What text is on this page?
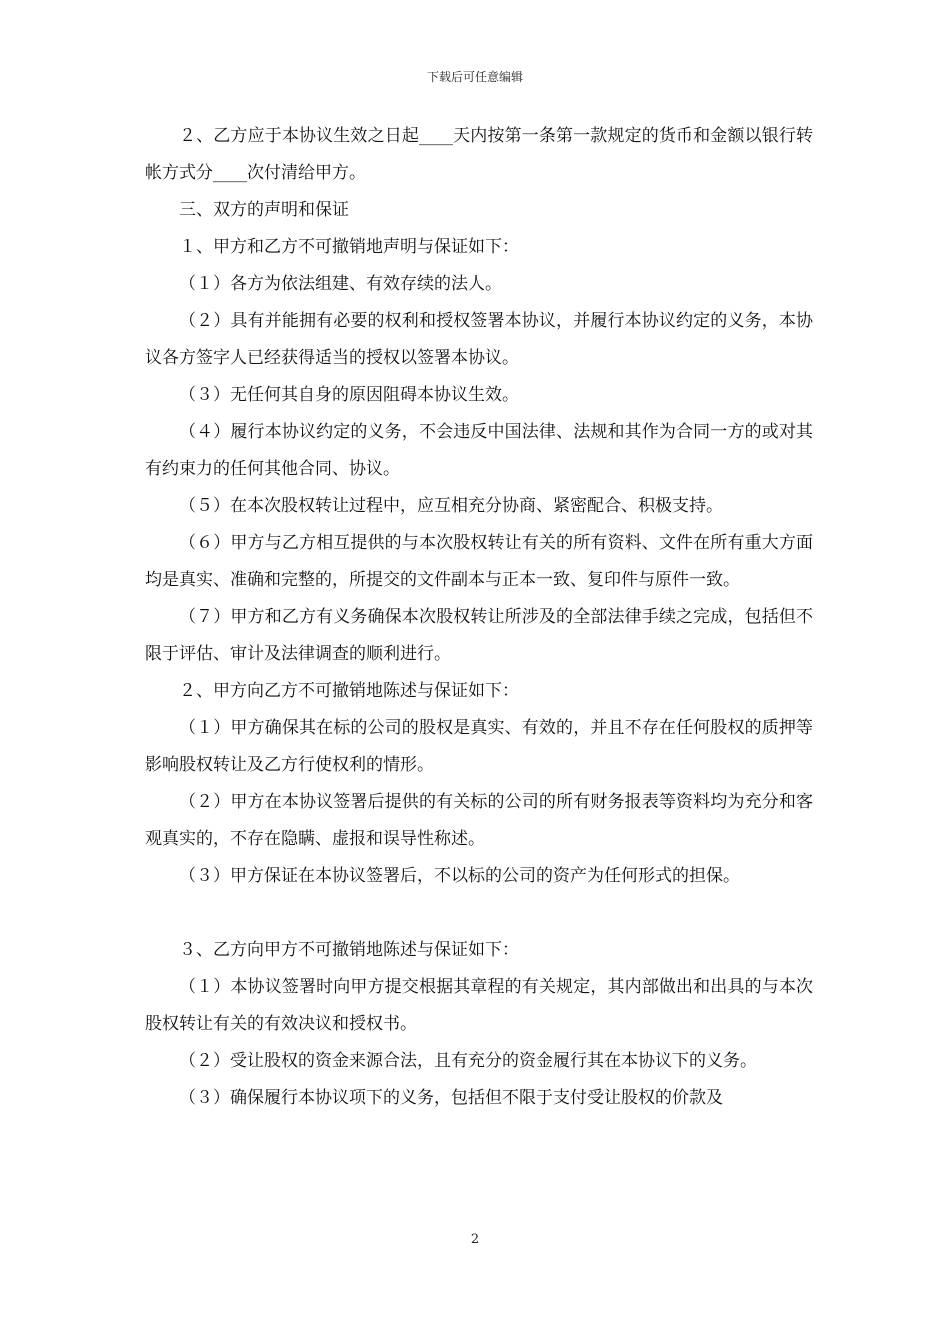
下载后可任意编辑

２、乙方应于本协议生效之日起____天内按第一条第一款规定的货币和金额以银行转帐方式分____次付清给甲方。

三、双方的声明和保证

１、甲方和乙方不可撤销地声明与保证如下：

（１）各方为依法组建、有效存续的法人。

（２）具有并能拥有必要的权利和授权签署本协议，并履行本协议约定的义务，本协议各方签字人已经获得适当的授权以签署本协议。

（３）无任何其自身的原因阻碍本协议生效。

（４）履行本协议约定的义务，不会违反中国法律、法规和其作为合同一方的或对其有约束力的任何其他合同、协议。

（５）在本次股权转让过程中，应互相充分协商、紧密配合、积极支持。

（６）甲方与乙方相互提供的与本次股权转让有关的所有资料、文件在所有重大方面均是真实、准确和完整的，所提交的文件副本与正本一致、复印件与原件一致。

（７）甲方和乙方有义务确保本次股权转让所涉及的全部法律手续之完成，包括但不限于评估、审计及法律调查的顺利进行。

２、甲方向乙方不可撤销地陈述与保证如下：

（１）甲方确保其在标的公司的股权是真实、有效的，并且不存在任何股权的质押等影响股权转让及乙方行使权利的情形。

（２）甲方在本协议签署后提供的有关标的公司的所有财务报表等资料均为充分和客观真实的，不存在隐瞒、虚报和误导性称述。

（３）甲方保证在本协议签署后，不以标的公司的资产为任何形式的担保。

３、乙方向甲方不可撤销地陈述与保证如下：

（１）本协议签署时向甲方提交根据其章程的有关规定，其内部做出和出具的与本次股权转让有关的有效决议和授权书。

（２）受让股权的资金来源合法，且有充分的资金履行其在本协议下的义务。

（３）确保履行本协议项下的义务，包括但不限于支付受让股权的价款及

2
